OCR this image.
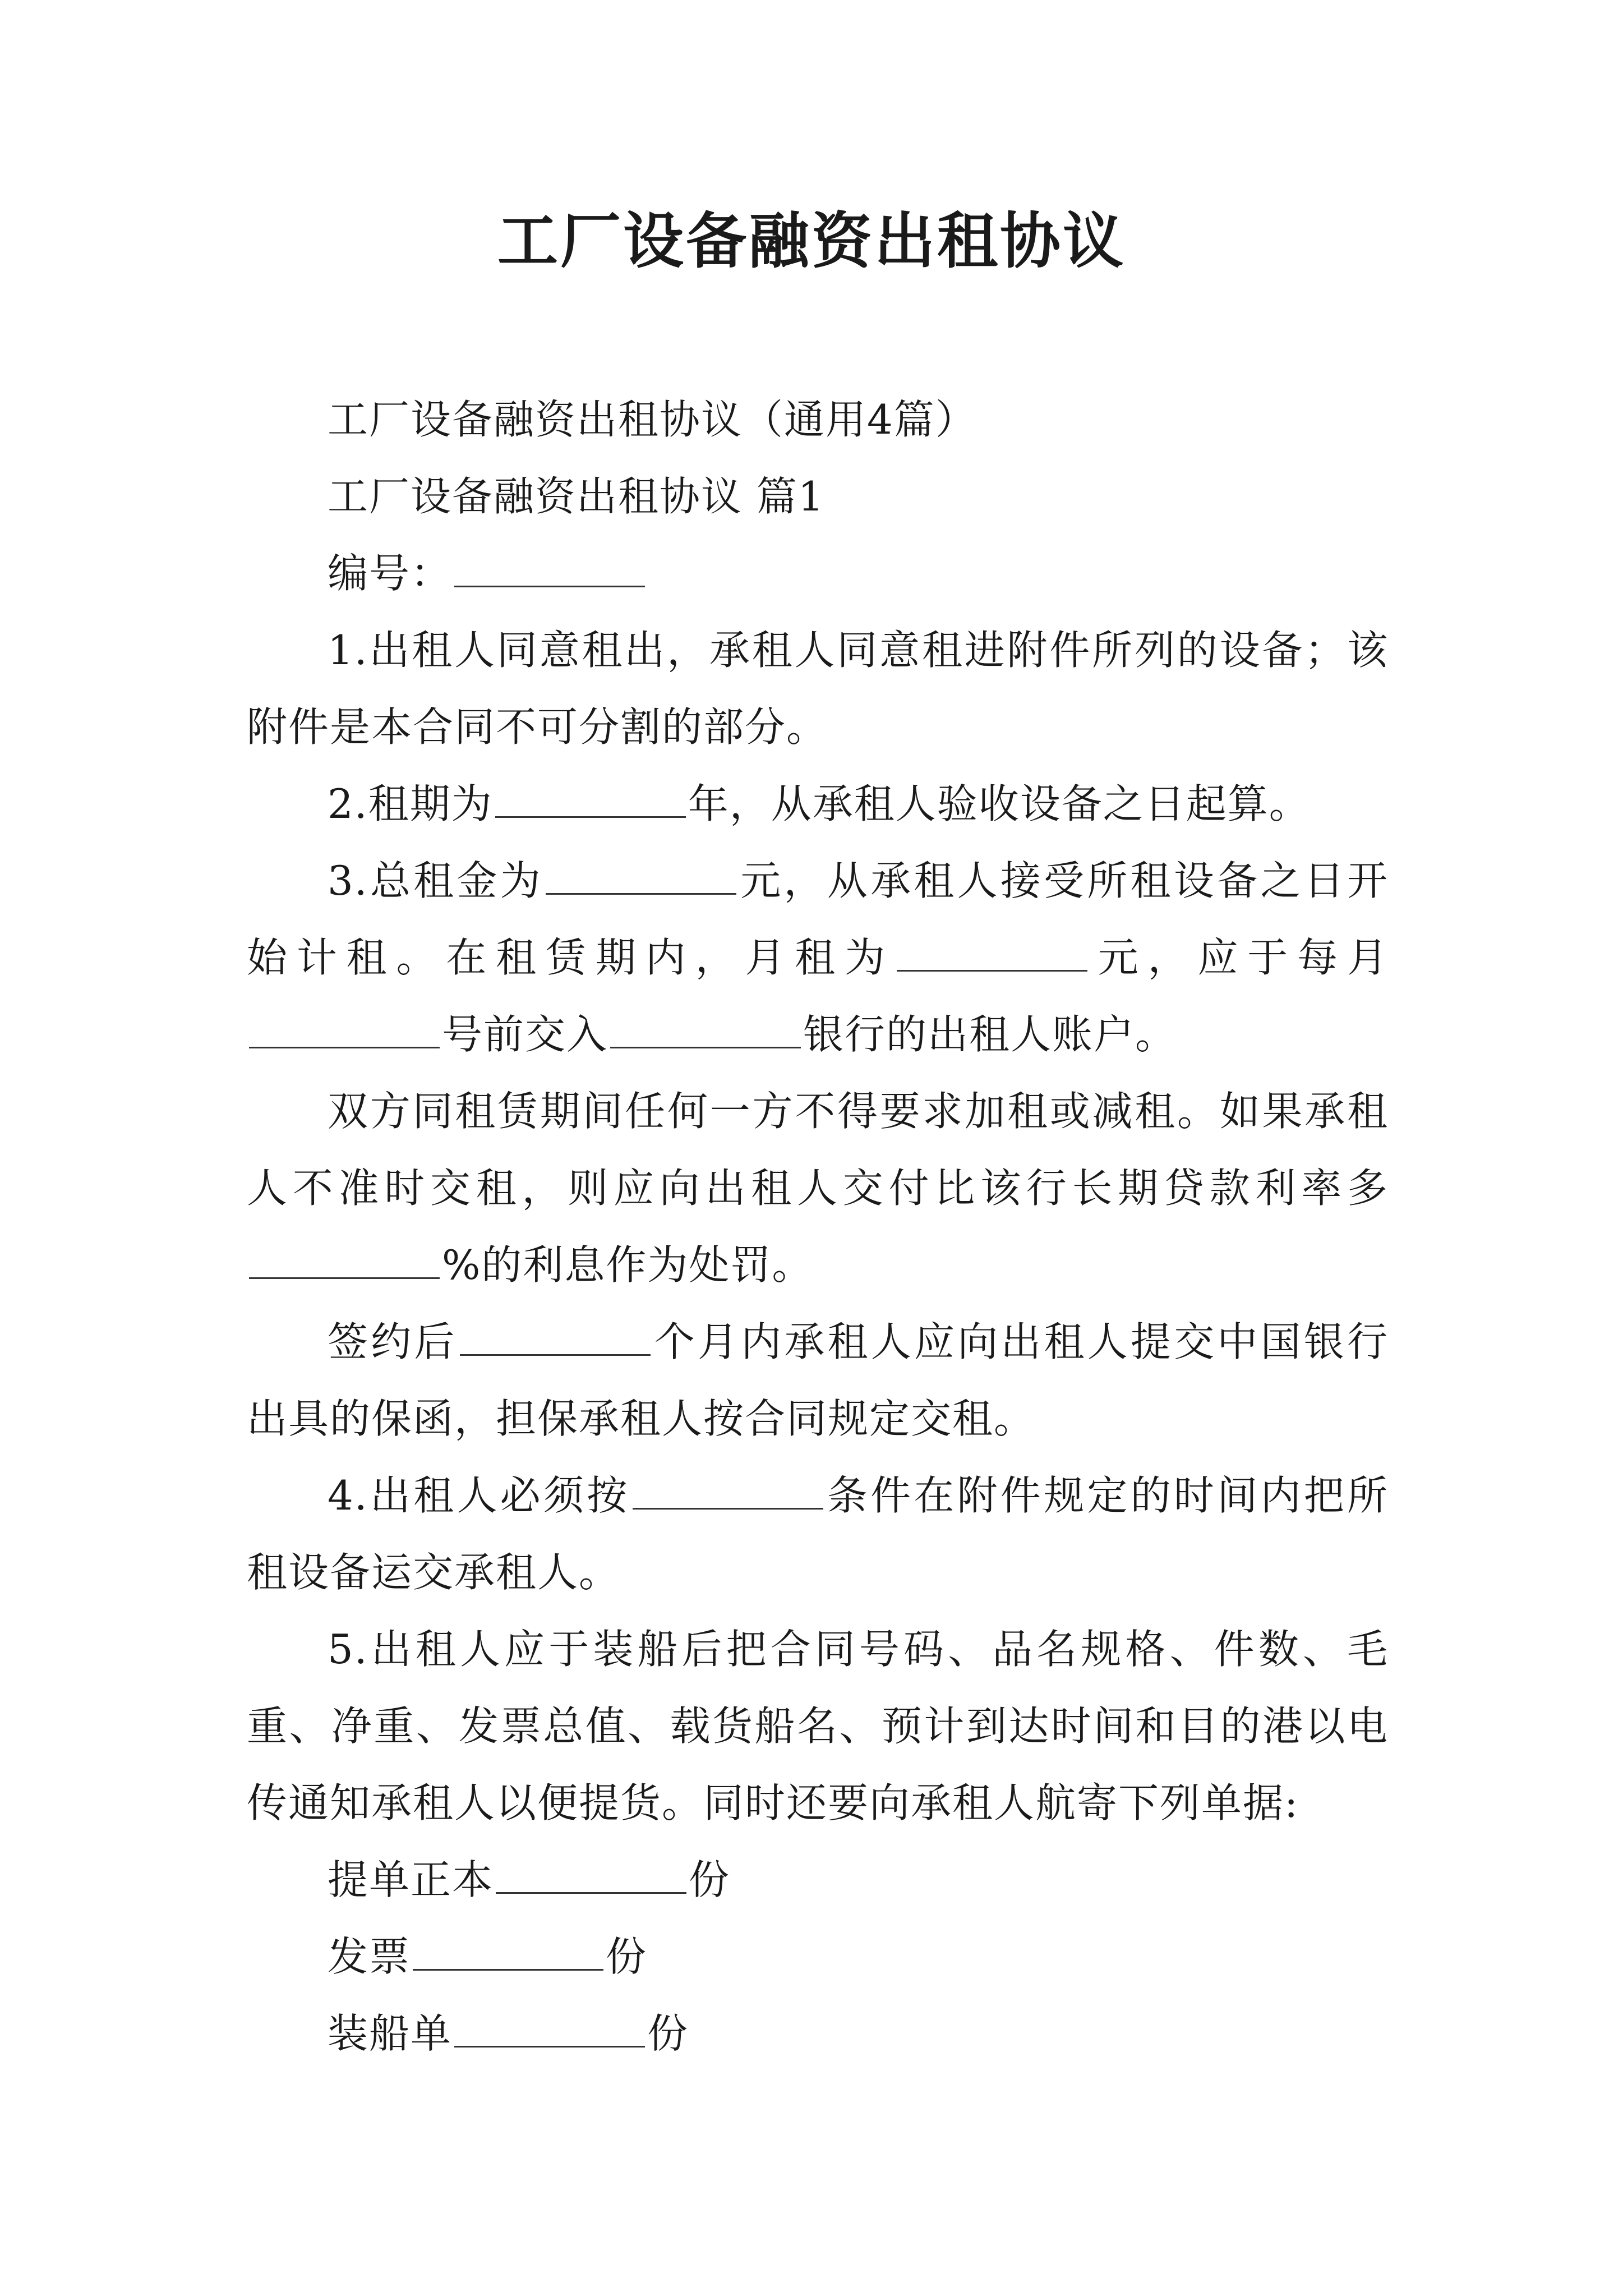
工厂设备融资出租协议

工厂设备融资出租协议（通用4篇）

工厂设备融资出租协议 篇1

编号：

1.出租人同意租出，承租人同意租进附件所列的设备；该附件是本合同不可分割的部分。

2.租期为	年，从承租人验收设备之日起算。

3.总租金为	元，从承租人接受所租设备之日开始计租。在租赁期内，月租为	元，应于每月号前交入	银行的出租人账户。

双方同租赁期间任何一方不得要求加租或减租。如果承租人不准时交租，则应向出租人交付比该行长期贷款利率多%的利息作为处罚。

签约后	个月内承租人应向出租人提交中国银行出具的保函，担保承租人按合同规定交租。

4.出租人必须按	条件在附件规定的时间内把所租设备运交承租人。

5.出租人应于装船后把合同号码、品名规格、件数、毛重、净重、发票总值、载货船名、预计到达时间和目的港以电传通知承租人以便提货。同时还要向承租人航寄下列单据:

提单正本	份

发票	份

装船单	份
